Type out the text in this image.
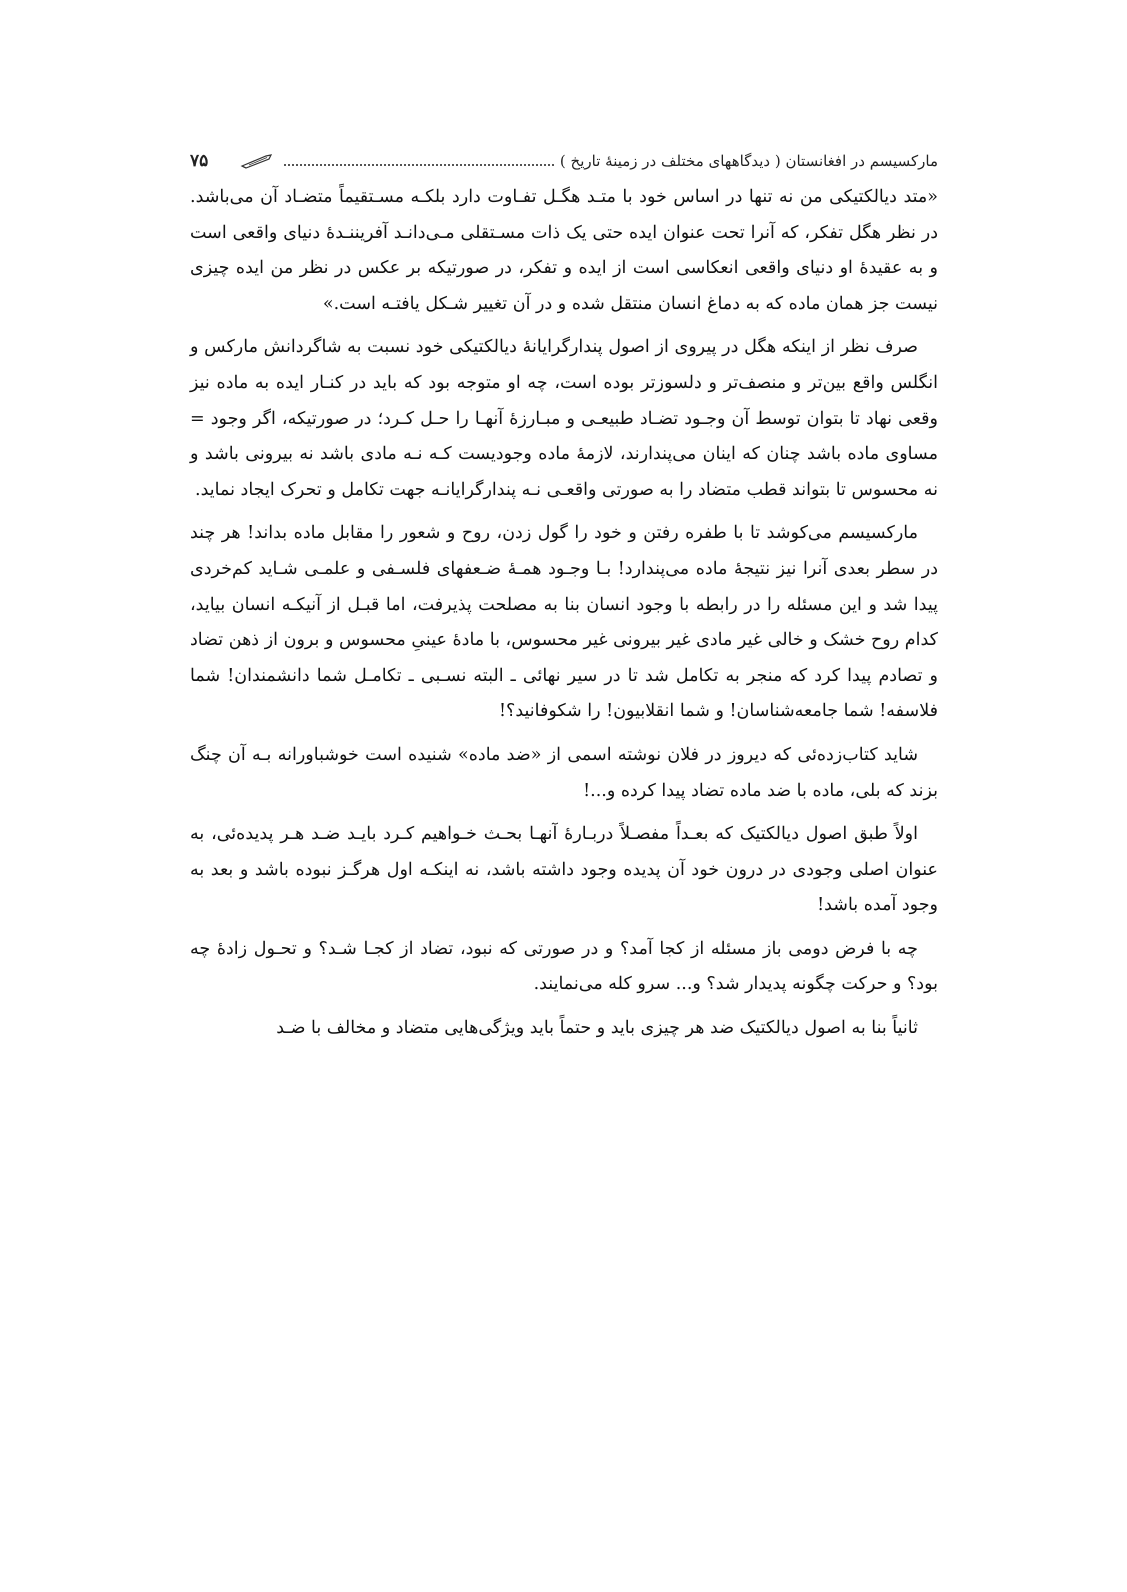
۷۵	مارکسیسم در افغانستان ( دیدگاههای مختلف در زمینهٔ تاریخ )

«متد دیالکتیکی من نه تنها در اساس خود با متـد هگـل تفـاوت دارد بلکـه مسـتقیماً متضـاد آن می‌باشد. در نظر هگل تفکر، که آنرا تحت عنوان ایده حتی یک ذات مسـتقلی مـی‌دانـد آفریننـدهٔ دنیای واقعی است و به عقیدهٔ او دنیای واقعی انعکاسی است از ایده و تفکر، در صورتیکه بر عکس در نظر من ایده چیزی نیست جز همان ماده که به دماغ انسان منتقل شده و در آن تغییر شـکل یافتـه است.»

صرف نظر از اینکه هگل در پیروی از اصول پندارگرایانهٔ دیالکتیکی خود نسبت به شاگردانش مارکس و انگلس واقع بین‌تر و منصف‌تر و دلسوزتر بوده است، چه او متوجه بود که باید در کنـار ایده به ماده نیز وقعی نهاد تا بتوان توسط آن وجـود تضـاد طبیعـی و مبـارزهٔ آنهـا را حـل کـرد؛ در صورتیکه، اگر وجود = مساوی ماده باشد چنان که اینان می‌پندارند، لازمهٔ ماده وجودیست کـه نـه مادی باشد نه بیرونی باشد و نه محسوس تا بتواند قطب متضاد را به صورتی واقعـی نـه پندارگرایانـه جهت تکامل و تحرک ایجاد نماید.

مارکسیسم می‌کوشد تا با طفره رفتن و خود را گول زدن، روح و شعور را مقابل ماده بداند! هر چند در سطر بعدی آنرا نیز نتیجهٔ ماده می‌پندارد! بـا وجـود همـهٔ ضـعفهای فلسـفی و علمـی شـاید کم‌خردی پیدا شد و این مسئله را در رابطه با وجود انسان بنا به مصلحت پذیرفت، اما قبـل از آنیکـه انسان بیاید، کدام روح خشک و خالی غیر مادی غیر بیرونی غیر محسوس، با مادهٔ عینیِ محسوس و برون از ذهن تضاد و تصادم پیدا کرد که منجر به تکامل شد تا در سیر نهائی ـ البته نسـبی ـ تکامـل شما دانشمندان! شما فلاسفه! شما جامعه‌شناسان! و شما انقلابیون! را شکوفانید؟!

شاید کتاب‌زده‌ئی که دیروز در فلان نوشته اسمی از «ضد ماده» شنیده است خوشباورانه بـه آن چنگ بزند که بلی، ماده با ضد ماده تضاد پیدا کرده و...!

اولاً طبق اصول دیالکتیک که بعـداً مفصـلاً دربـارهٔ آنهـا بحـث خـواهیم کـرد بایـد ضـد هـر پدیده‌ئی، به عنوان اصلی وجودی در درون خود آن پدیده وجود داشته باشد، نه اینکـه اول هرگـز نبوده باشد و بعد به وجود آمده باشد!

چه با فرض دومی باز مسئله از کجا آمد؟ و در صورتی که نبود، تضاد از کجـا شـد؟ و تحـول زادهٔ چه بود؟ و حرکت چگونه پدیدار شد؟ و... سرو کله می‌نمایند.

ثانیاً بنا به اصول دیالکتیک ضد هر چیزی باید و حتماً باید ویژگی‌هایی متضاد و مخالف با ضـد
